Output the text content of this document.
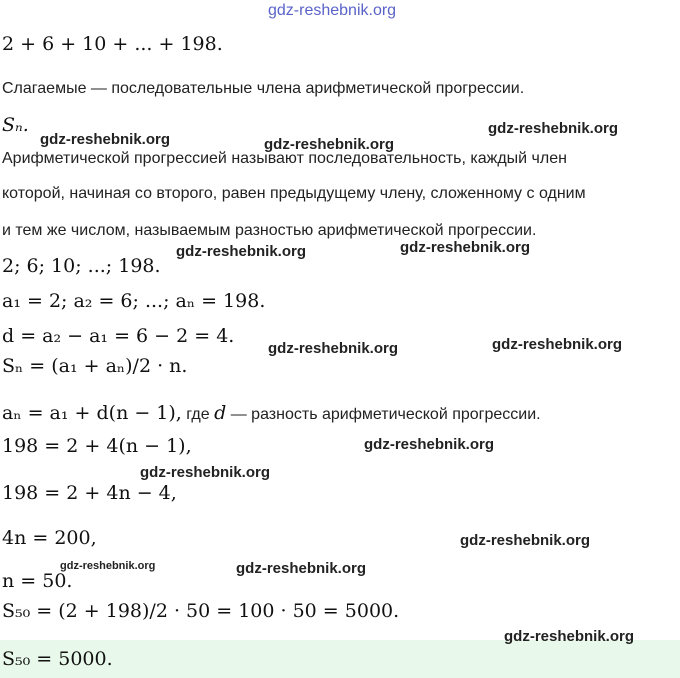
gdz-reshebnik.org
gdz-reshebnik.org	gdz-reshebnik.org
gdz-reshebnik.org
gdz-reshebnik.org	gdz-reshebnik.org
gdz-reshebnik.org	gdz-reshebnik.org
gdz-reshebnik.org
gdz-reshebnik.org
gdz-reshebnik.org
gdz-reshebnik.org	gdz-reshebnik.org
gdz-reshebnik.org
2 + 6 + 10 + ... + 198.
Слагаемые — последовательные члена арифметической прогрессии.
Sₙ.
Арифметической прогрессией называют последовательность, каждый член
которой, начиная со второго, равен предыдущему члену, сложенному с одним
и тем же числом, называемым разностью арифметической прогрессии.
2; 6; 10; ...; 198.
a₁ = 2; a₂ = 6; ...; aₙ = 198.
d = a₂ − a₁ = 6 − 2 = 4.
Sₙ = (a₁ + aₙ)/2 · n.
aₙ = a₁ + d(n − 1), где d — разность арифметической прогрессии.
198 = 2 + 4(n − 1),
198 = 2 + 4n − 4,
4n = 200,
n = 50.
S₅₀ = (2 + 198)/2 · 50 = 100 · 50 = 5000.
S₅₀ = 5000.
